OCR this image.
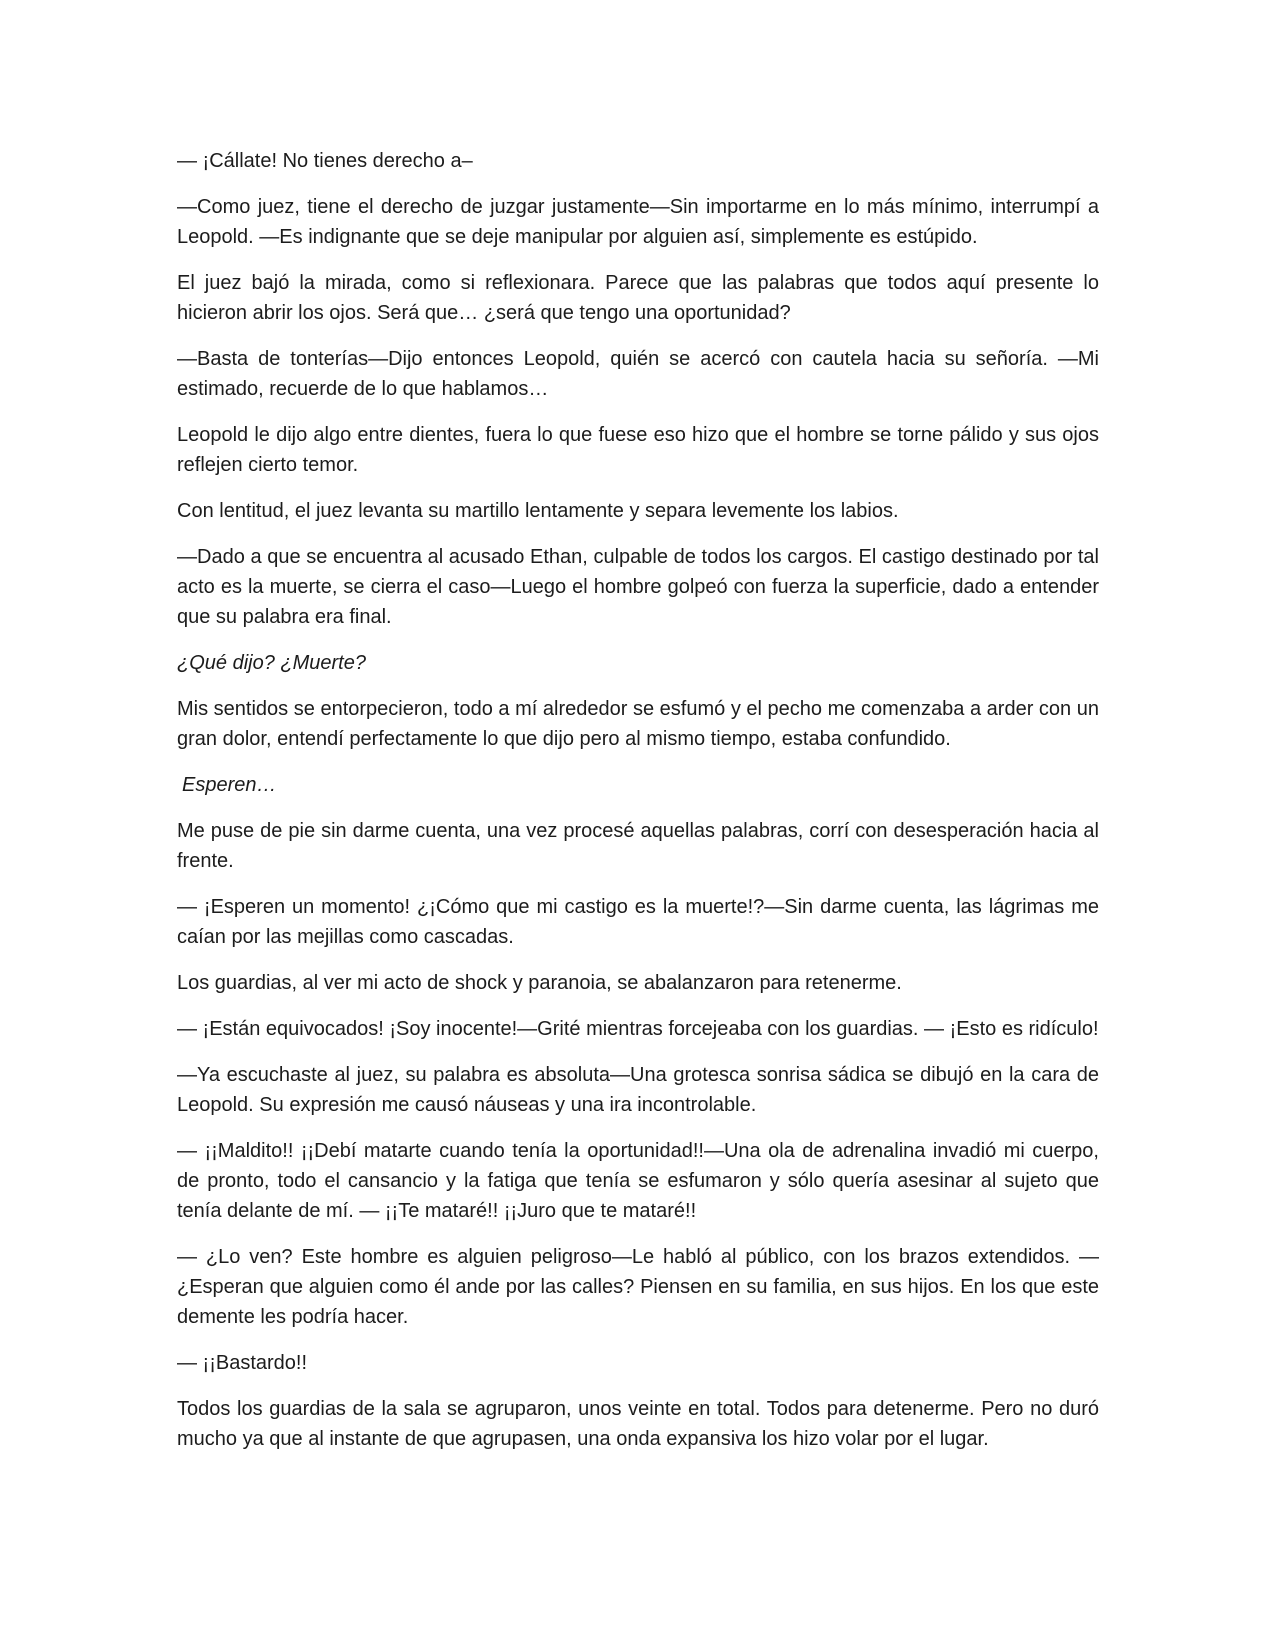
— ¡Cállate! No tienes derecho a–

—Como juez, tiene el derecho de juzgar justamente—Sin importarme en lo más mínimo, interrumpí a Leopold. —Es indignante que se deje manipular por alguien así, simplemente es estúpido.

El juez bajó la mirada, como si reflexionara. Parece que las palabras que todos aquí presente lo hicieron abrir los ojos. Será que… ¿será que tengo una oportunidad?

—Basta de tonterías—Dijo entonces Leopold, quién se acercó con cautela hacia su señoría. —Mi estimado, recuerde de lo que hablamos…

Leopold le dijo algo entre dientes, fuera lo que fuese eso hizo que el hombre se torne pálido y sus ojos reflejen cierto temor.

Con lentitud, el juez levanta su martillo lentamente y separa levemente los labios.

—Dado a que se encuentra al acusado Ethan, culpable de todos los cargos. El castigo destinado por tal acto es la muerte, se cierra el caso—Luego el hombre golpeó con fuerza la superficie, dado a entender que su palabra era final.

¿Qué dijo? ¿Muerte?

Mis sentidos se entorpecieron, todo a mí alrededor se esfumó y el pecho me comenzaba a arder con un gran dolor, entendí perfectamente lo que dijo pero al mismo tiempo, estaba confundido.

Esperen…

Me puse de pie sin darme cuenta, una vez procesé aquellas palabras, corrí con desesperación hacia al frente.

— ¡Esperen un momento! ¿¡Cómo que mi castigo es la muerte!?—Sin darme cuenta, las lágrimas me caían por las mejillas como cascadas.

Los guardias, al ver mi acto de shock y paranoia, se abalanzaron para retenerme.

— ¡Están equivocados! ¡Soy inocente!—Grité mientras forcejeaba con los guardias. — ¡Esto es ridículo!

—Ya escuchaste al juez, su palabra es absoluta—Una grotesca sonrisa sádica se dibujó en la cara de Leopold. Su expresión me causó náuseas y una ira incontrolable.

— ¡¡Maldito!! ¡¡Debí matarte cuando tenía la oportunidad!!—Una ola de adrenalina invadió mi cuerpo, de pronto, todo el cansancio y la fatiga que tenía se esfumaron y sólo quería asesinar al sujeto que tenía delante de mí. — ¡¡Te mataré!! ¡¡Juro que te mataré!!

— ¿Lo ven? Este hombre es alguien peligroso—Le habló al público, con los brazos extendidos. —¿Esperan que alguien como él ande por las calles? Piensen en su familia, en sus hijos. En los que este demente les podría hacer.

— ¡¡Bastardo!!

Todos los guardias de la sala se agruparon, unos veinte en total. Todos para detenerme. Pero no duró mucho ya que al instante de que agrupasen, una onda expansiva los hizo volar por el lugar.
